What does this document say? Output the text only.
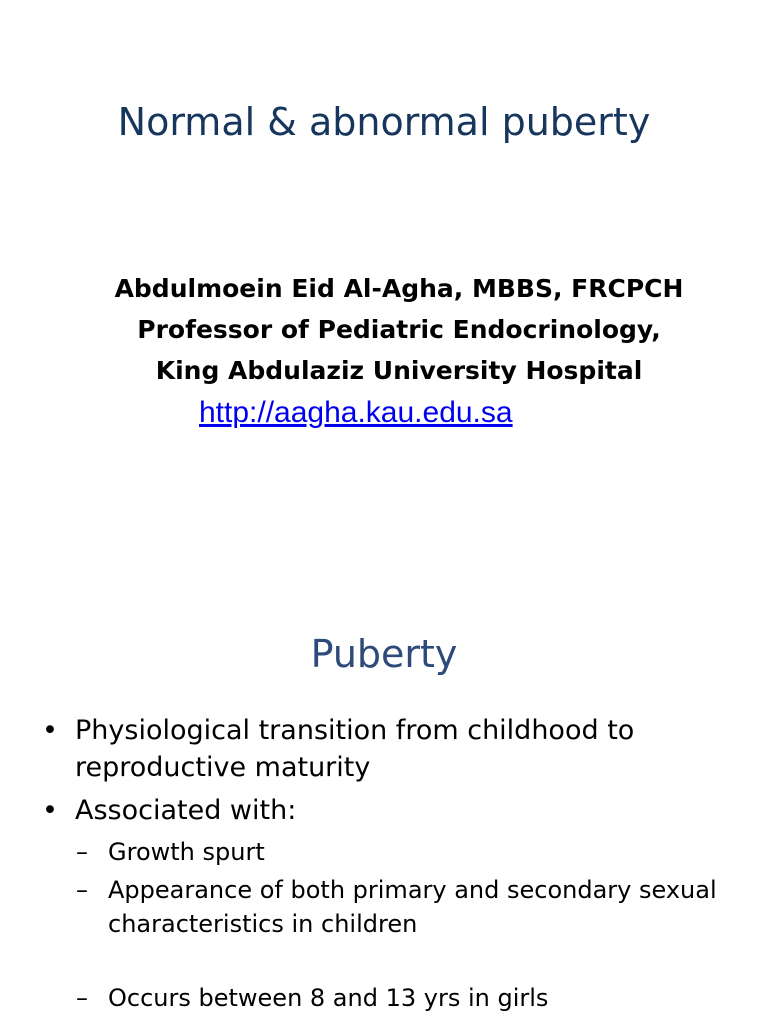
Normal & abnormal puberty
Abdulmoein Eid Al-Agha, MBBS, FRCPCH
Professor of Pediatric Endocrinology,
King Abdulaziz University Hospital
http://aagha.kau.edu.sa
Puberty
• Physiological transition from childhood to reproductive maturity
• Associated with:
– Growth spurt
– Appearance of both primary and secondary sexual characteristics in children
– Occurs between 8 and 13 yrs in girls
